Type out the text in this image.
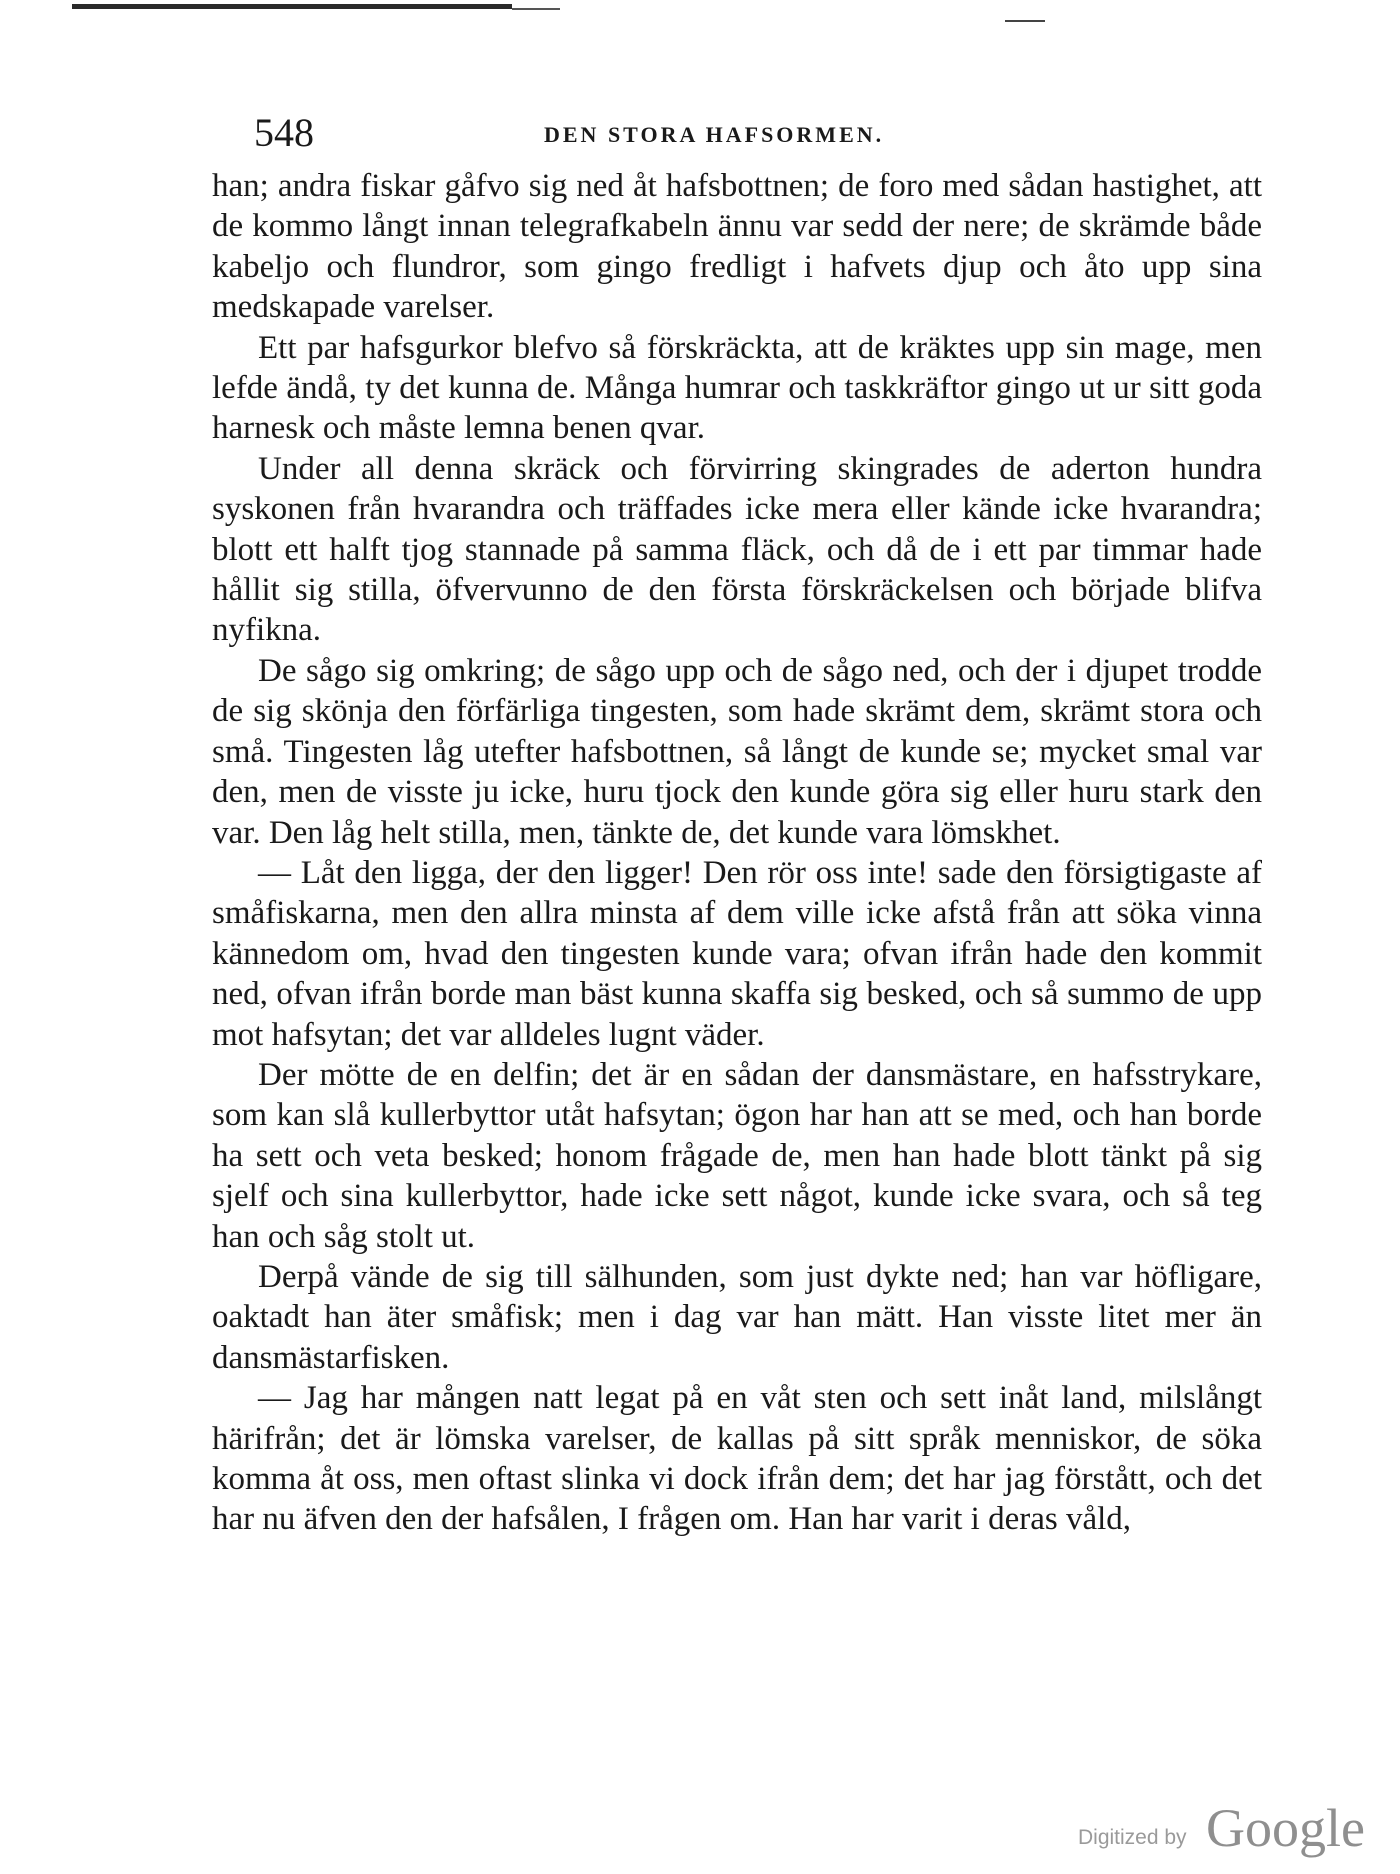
548	DEN STORA HAFSORMEN.

han; andra fiskar gåfvo sig ned åt hafsbottnen; de foro med sådan hastighet, att de kommo långt innan telegrafkabeln ännu var sedd der nere; de skrämde både kabeljo och flundror, som gingo fredligt i hafvets djup och åto upp sina medskapade varelser.

Ett par hafsgurkor blefvo så förskräckta, att de kräktes upp sin mage, men lefde ändå, ty det kunna de. Många humrar och taskkräftor gingo ut ur sitt goda harnesk och måste lemna benen qvar.

Under all denna skräck och förvirring skingrades de aderton hundra syskonen från hvarandra och träffades icke mera eller kände icke hvarandra; blott ett halft tjog stannade på samma fläck, och då de i ett par timmar hade hållit sig stilla, öfvervunno de den första förskräckelsen och började blifva nyfikna.

De sågo sig omkring; de sågo upp och de sågo ned, och der i djupet trodde de sig skönja den förfärliga tingesten, som hade skrämt dem, skrämt stora och små. Tingesten låg utefter hafsbottnen, så långt de kunde se; mycket smal var den, men de visste ju icke, huru tjock den kunde göra sig eller huru stark den var. Den låg helt stilla, men, tänkte de, det kunde vara lömskhet.

— Låt den ligga, der den ligger! Den rör oss inte! sade den försigtigaste af småfiskarna, men den allra minsta af dem ville icke afstå från att söka vinna kännedom om, hvad den tingesten kunde vara; ofvan ifrån hade den kommit ned, ofvan ifrån borde man bäst kunna skaffa sig besked, och så summo de upp mot hafsytan; det var alldeles lugnt väder.

Der mötte de en delfin; det är en sådan der dansmästare, en hafsstrykare, som kan slå kullerbyttor utåt hafsytan; ögon har han att se med, och han borde ha sett och veta besked; honom frågade de, men han hade blott tänkt på sig sjelf och sina kullerbyttor, hade icke sett något, kunde icke svara, och så teg han och såg stolt ut.

Derpå vände de sig till sälhunden, som just dykte ned; han var höfligare, oaktadt han äter småfisk; men i dag var han mätt. Han visste litet mer än dansmästarfisken.

— Jag har mången natt legat på en våt sten och sett inåt land, milslångt härifrån; det är lömska varelser, de kallas på sitt språk menniskor, de söka komma åt oss, men oftast slinka vi dock ifrån dem; det har jag förstått, och det har nu äfven den der hafsålen, I frågen om. Han har varit i deras våld,

Digitized by Google
